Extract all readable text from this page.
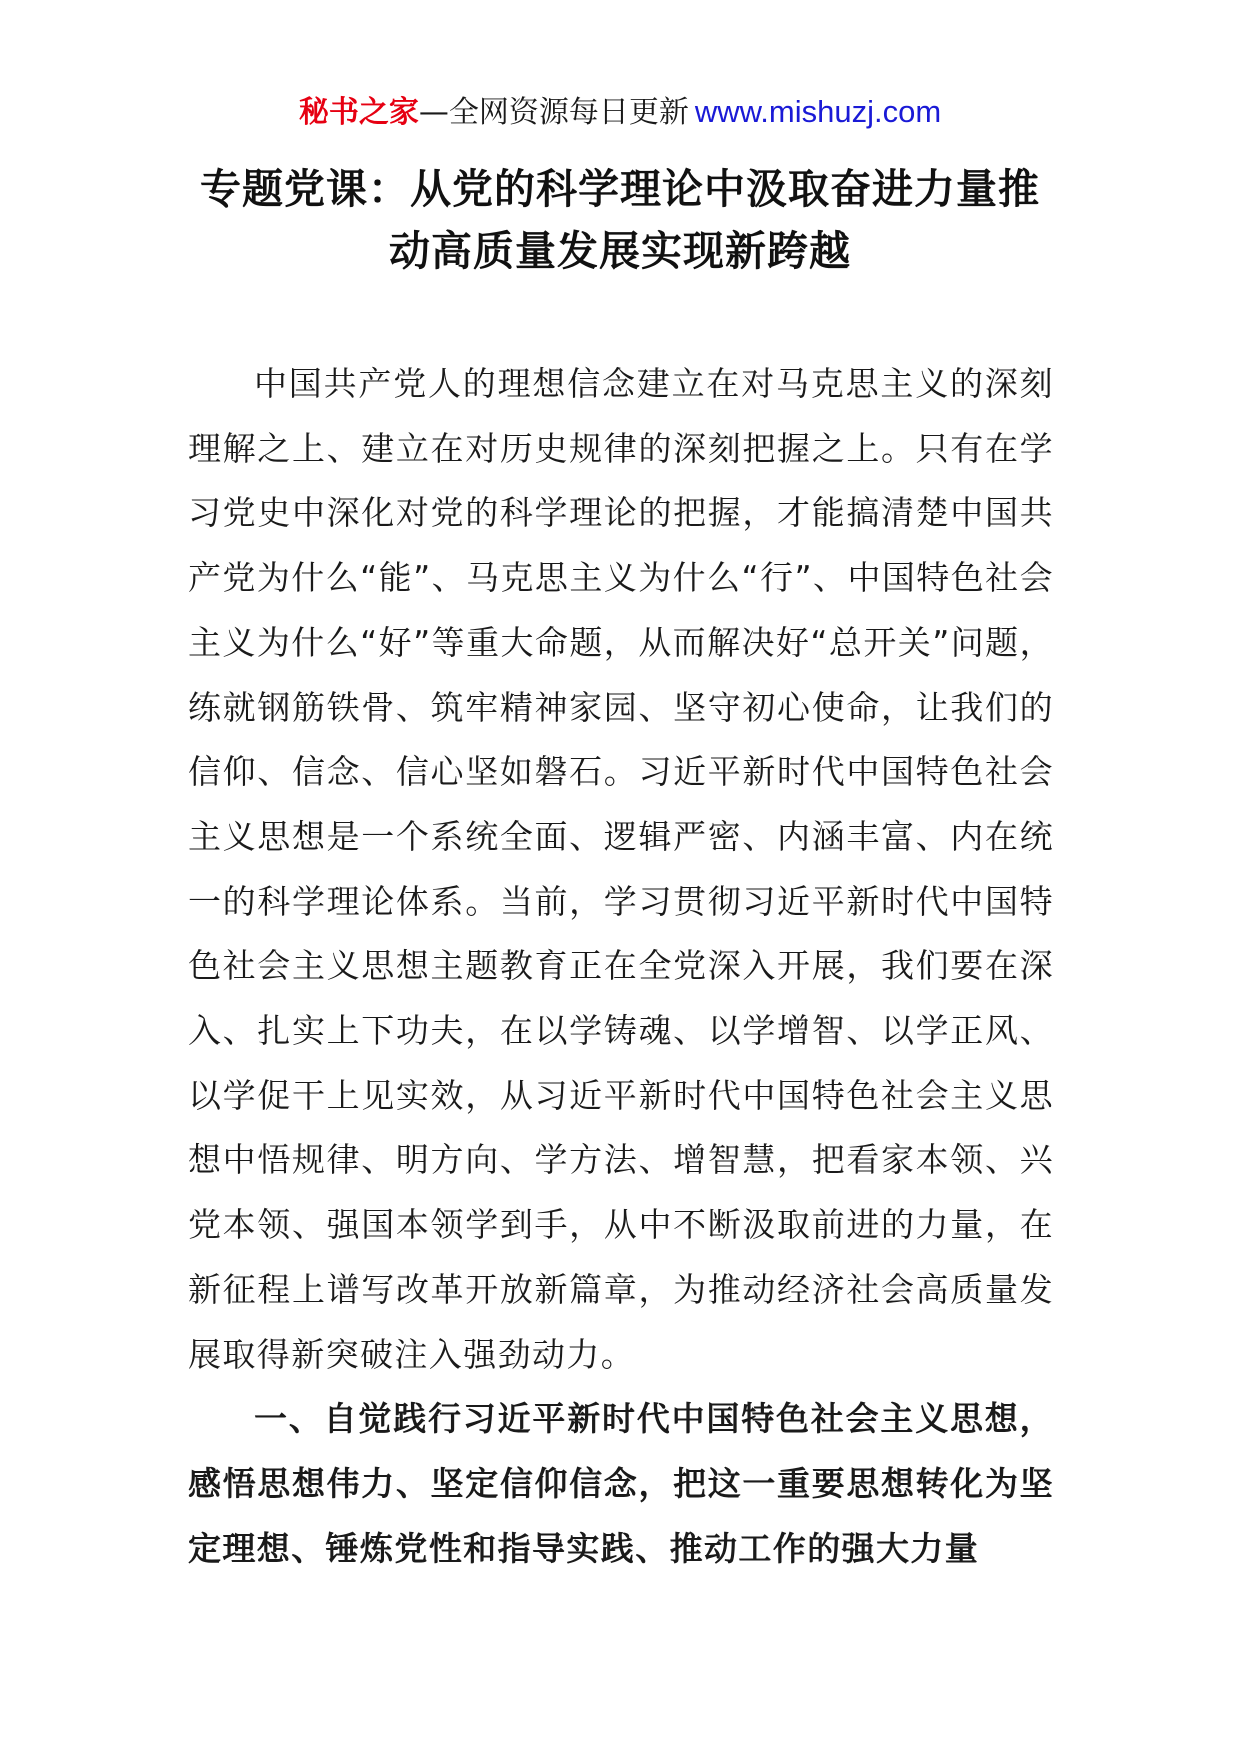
秘书之家—全网资源每日更新 www.mishuzj.com
专题党课：从党的科学理论中汲取奋进力量推动高质量发展实现新跨越

中国共产党人的理想信念建立在对马克思主义的深刻理解之上、建立在对历史规律的深刻把握之上。只有在学习党史中深化对党的科学理论的把握，才能搞清楚中国共产党为什么“能”、马克思主义为什么“行”、中国特色社会主义为什么“好”等重大命题，从而解决好“总开关”问题，练就钢筋铁骨、筑牢精神家园、坚守初心使命，让我们的信仰、信念、信心坚如磐石。习近平新时代中国特色社会主义思想是一个系统全面、逻辑严密、内涵丰富、内在统一的科学理论体系。当前，学习贯彻习近平新时代中国特色社会主义思想主题教育正在全党深入开展，我们要在深入、扎实上下功夫，在以学铸魂、以学增智、以学正风、以学促干上见实效，从习近平新时代中国特色社会主义思想中悟规律、明方向、学方法、增智慧，把看家本领、兴党本领、强国本领学到手，从中不断汲取前进的力量，在新征程上谱写改革开放新篇章，为推动经济社会高质量发展取得新突破注入强劲动力。

一、自觉践行习近平新时代中国特色社会主义思想，感悟思想伟力、坚定信仰信念，把这一重要思想转化为坚定理想、锤炼党性和指导实践、推动工作的强大力量
